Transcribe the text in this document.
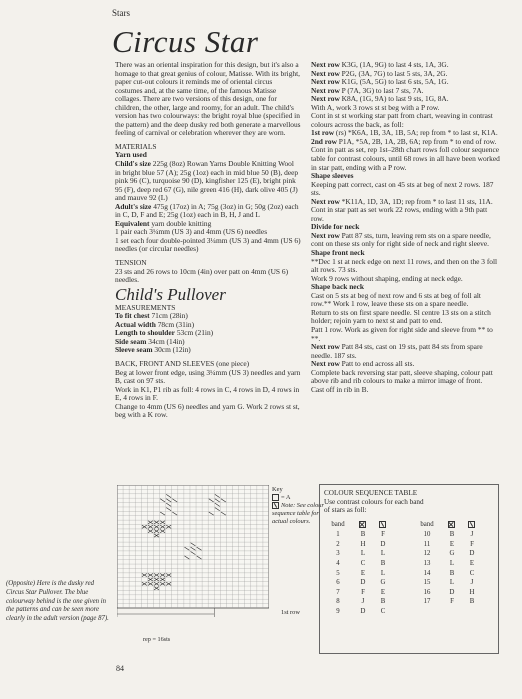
Stars
Circus Star

There was an oriental inspiration for this design, but it's also a homage to that great genius of colour, Matisse. With its bright, paper cut-out colours it reminds me of oriental circus costumes and, at the same time, of the famous Matisse collages. There are two versions of this design, one for children, the other, large and roomy, for an adult. The child's version has two colourways: the bright royal blue (specified in the pattern) and the deep dusky red both generate a marvellous feeling of carnival or celebration wherever they are worn.

MATERIALS

Yarn used

Child's size 225g (8oz) Rowan Yarns Double Knitting Wool in bright blue 57 (A); 25g (1oz) each in mid blue 50 (B), deep pink 96 (C), turquoise 90 (D), kingfisher 125 (E), bright pink 95 (F), deep red 67 (G), nile green 416 (H), dark olive 405 (J) and mauve 92 (L)

Adult's size 475g (17oz) in A; 75g (3oz) in G; 50g (2oz) each in C, D, F and E; 25g (1oz) each in B, H, J and L

Equivalent yarn double knitting

1 pair each 3¼mm (US 3) and 4mm (US 6) needles

1 set each four double-pointed 3¼mm (US 3) and 4mm (US 6) needles (or circular needles)

TENSION

23 sts and 26 rows to 10cm (4in) over patt on 4mm (US 6) needles.

Child's Pullover

MEASUREMENTS

To fit chest 71cm (28in)

Actual width 78cm (31in)

Length to shoulder 53cm (21in)

Side seam 34cm (14in)

Sleeve seam 30cm (12in)

BACK, FRONT AND SLEEVES (one piece)

Beg at lower front edge, using 3¼mm (US 3) needles and yarn B, cast on 97 sts.

Work in K1, P1 rib as foll: 4 rows in C, 4 rows in D, 4 rows in E, 4 rows in F.

Change to 4mm (US 6) needles and yarn G. Work 2 rows st st, beg with a K row.

Next row K3G, (1A, 9G) to last 4 sts, 1A, 3G.

Next row P2G, (3A, 7G) to last 5 sts, 3A, 2G.

Next row K1G, (5A, 5G) to last 6 sts, 5A, 1G.

Next row P (7A, 3G) to last 7 sts, 7A.

Next row K8A, (1G, 9A) to last 9 sts, 1G, 8A.

With A, work 3 rows st st beg with a P row.

Cont in st st working star patt from chart, weaving in contrast colours across the back, as foll:

1st row (rs) *K6A, 1B, 3A, 1B, 5A; rep from * to last st, K1A.

2nd row P1A, *5A, 2B, 1A, 2B, 6A; rep from * to end of row.

Cont in patt as set, rep 1st–28th chart rows foll colour sequence table for contrast colours, until 68 rows in all have been worked in star patt, ending with a P row.

Shape sleeves

Keeping patt correct, cast on 45 sts at beg of next 2 rows. 187 sts.

Next row *K11A, 1D, 3A, 1D; rep from * to last 11 sts, 11A.

Cont in star patt as set work 22 rows, ending with a 9th patt row.

Divide for neck

Next row Patt 87 sts, turn, leaving rem sts on a spare needle, cont on these sts only for right side of neck and right sleeve.

Shape front neck

**Dec 1 st at neck edge on next 11 rows, and then on the 3 foll alt rows. 73 sts.

Work 9 rows without shaping, ending at neck edge.

Shape back neck

Cast on 5 sts at beg of next row and 6 sts at beg of foll alt row.** Work 1 row, leave these sts on a spare needle.

Return to sts on first spare needle. Sl centre 13 sts on a stitch holder; rejoin yarn to next st and patt to end.

Patt 1 row. Work as given for right side and sleeve from ** to **.

Next row Patt 84 sts, cast on 19 sts, patt 84 sts from spare needle. 187 sts.

Next row Patt to end across all sts.

Complete back reversing star patt, sleeve shaping, colour patt above rib and rib colours to make a mirror image of front.

Cast off in rib in B.

Key
= A
Note: See colour sequence table for actual colours.
1st row
rep = 16sts
(Opposite) Here is the dusky red Circus Star Pullover. The blue colourway behind is the one given in the patterns and can be seen more clearly in the adult version (page 87).
84
COLOUR SEQUENCE TABLE
Use contrast colours for each band
of stars as foll:
band		
1	B	F
2	H	D
3	L	L
4	C	B
5	E	L
6	D	G
7	F	E
8	J	B
9	D	C
band		
10	B	J
11	E	F
12	G	D
13	L	E
14	B	C
15	L	J
16	D	H
17	F	B
